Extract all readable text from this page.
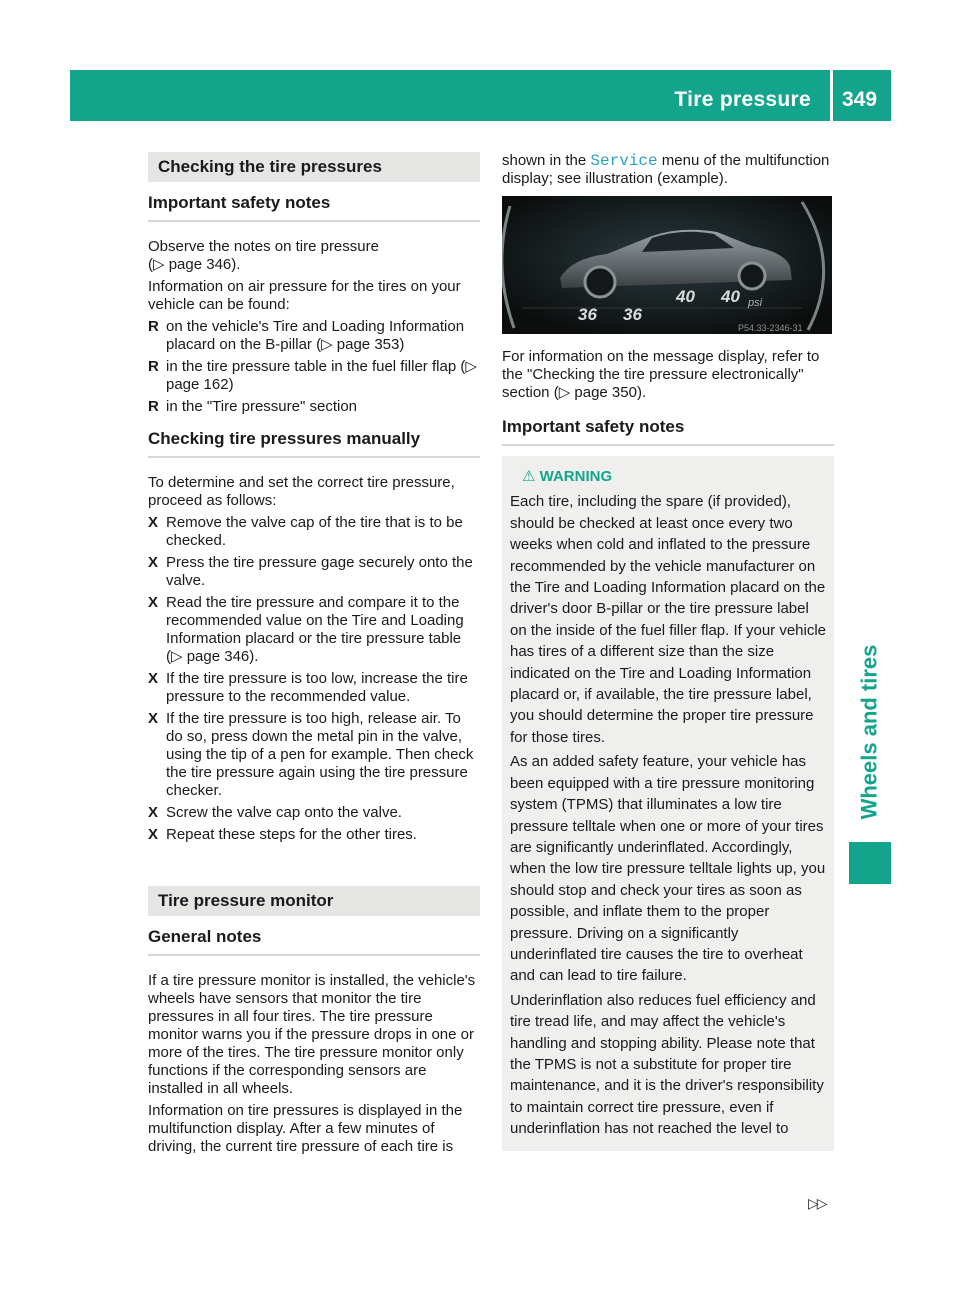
Tire pressure 349
Wheels and tires
Checking the tire pressures
Important safety notes

Observe the notes on tire pressure
(▷ page 346).

Information on air pressure for the tires on your vehicle can be found:

R on the vehicle's Tire and Loading Information placard on the B-pillar (▷ page 353)
R in the tire pressure table in the fuel filler flap (▷ page 162)
R in the "Tire pressure" section
Checking tire pressures manually

To determine and set the correct tire pressure, proceed as follows:

X Remove the valve cap of the tire that is to be checked.
X Press the tire pressure gage securely onto the valve.
X Read the tire pressure and compare it to the recommended value on the Tire and Loading Information placard or the tire pressure table (▷ page 346).
X If the tire pressure is too low, increase the tire pressure to the recommended value.
X If the tire pressure is too high, release air. To do so, press down the metal pin in the valve, using the tip of a pen for example. Then check the tire pressure again using the tire pressure checker.
X Screw the valve cap onto the valve.
X Repeat these steps for the other tires.
Tire pressure monitor
General notes

If a tire pressure monitor is installed, the vehicle's wheels have sensors that monitor the tire pressures in all four tires. The tire pressure monitor warns you if the pressure drops in one or more of the tires. The tire pressure monitor only functions if the corresponding sensors are installed in all wheels.

Information on tire pressures is displayed in the multifunction display. After a few minutes of driving, the current tire pressure of each tire is

shown in the Service menu of the multifunction display; see illustration (example).

40 40 psi
36 36
P54.33-2346-31

For information on the message display, refer to the "Checking the tire pressure electronically" section (▷ page 350).

Important safety notes
⚠ WARNING

Each tire, including the spare (if provided), should be checked at least once every two weeks when cold and inflated to the pressure recommended by the vehicle manufacturer on the Tire and Loading Information placard on the driver's door B-pillar or the tire pressure label on the inside of the fuel filler flap. If your vehicle has tires of a different size than the size indicated on the Tire and Loading Information placard or, if available, the tire pressure label, you should determine the proper tire pressure for those tires.

As an added safety feature, your vehicle has been equipped with a tire pressure monitoring system (TPMS) that illuminates a low tire pressure telltale when one or more of your tires are significantly underinflated. Accordingly, when the low tire pressure telltale lights up, you should stop and check your tires as soon as possible, and inflate them to the proper pressure. Driving on a significantly underinflated tire causes the tire to overheat and can lead to tire failure.

Underinflation also reduces fuel efficiency and tire tread life, and may affect the vehicle's handling and stopping ability. Please note that the TPMS is not a substitute for proper tire maintenance, and it is the driver's responsibility to maintain correct tire pressure, even if underinflation has not reached the level to

▷▷
